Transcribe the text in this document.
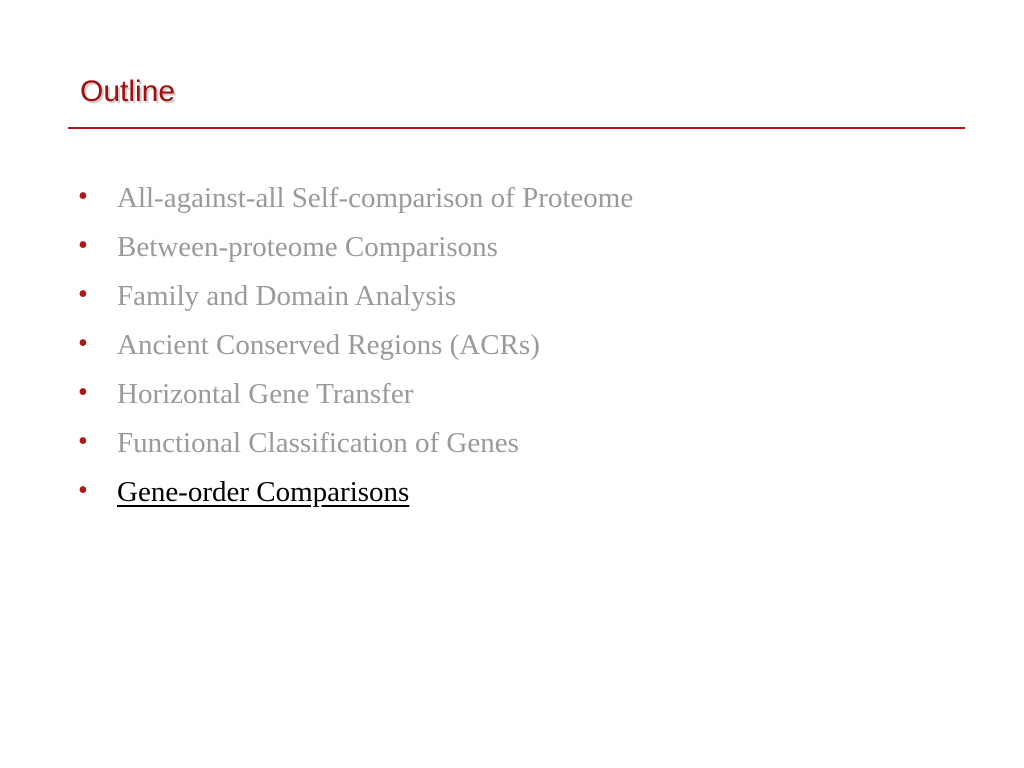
Outline
•	All-against-all Self-comparison of Proteome
•	Between-proteome Comparisons
•	Family and Domain Analysis
•	Ancient Conserved Regions (ACRs)
•	Horizontal Gene Transfer
•	Functional Classification of Genes
•	Gene-order Comparisons
